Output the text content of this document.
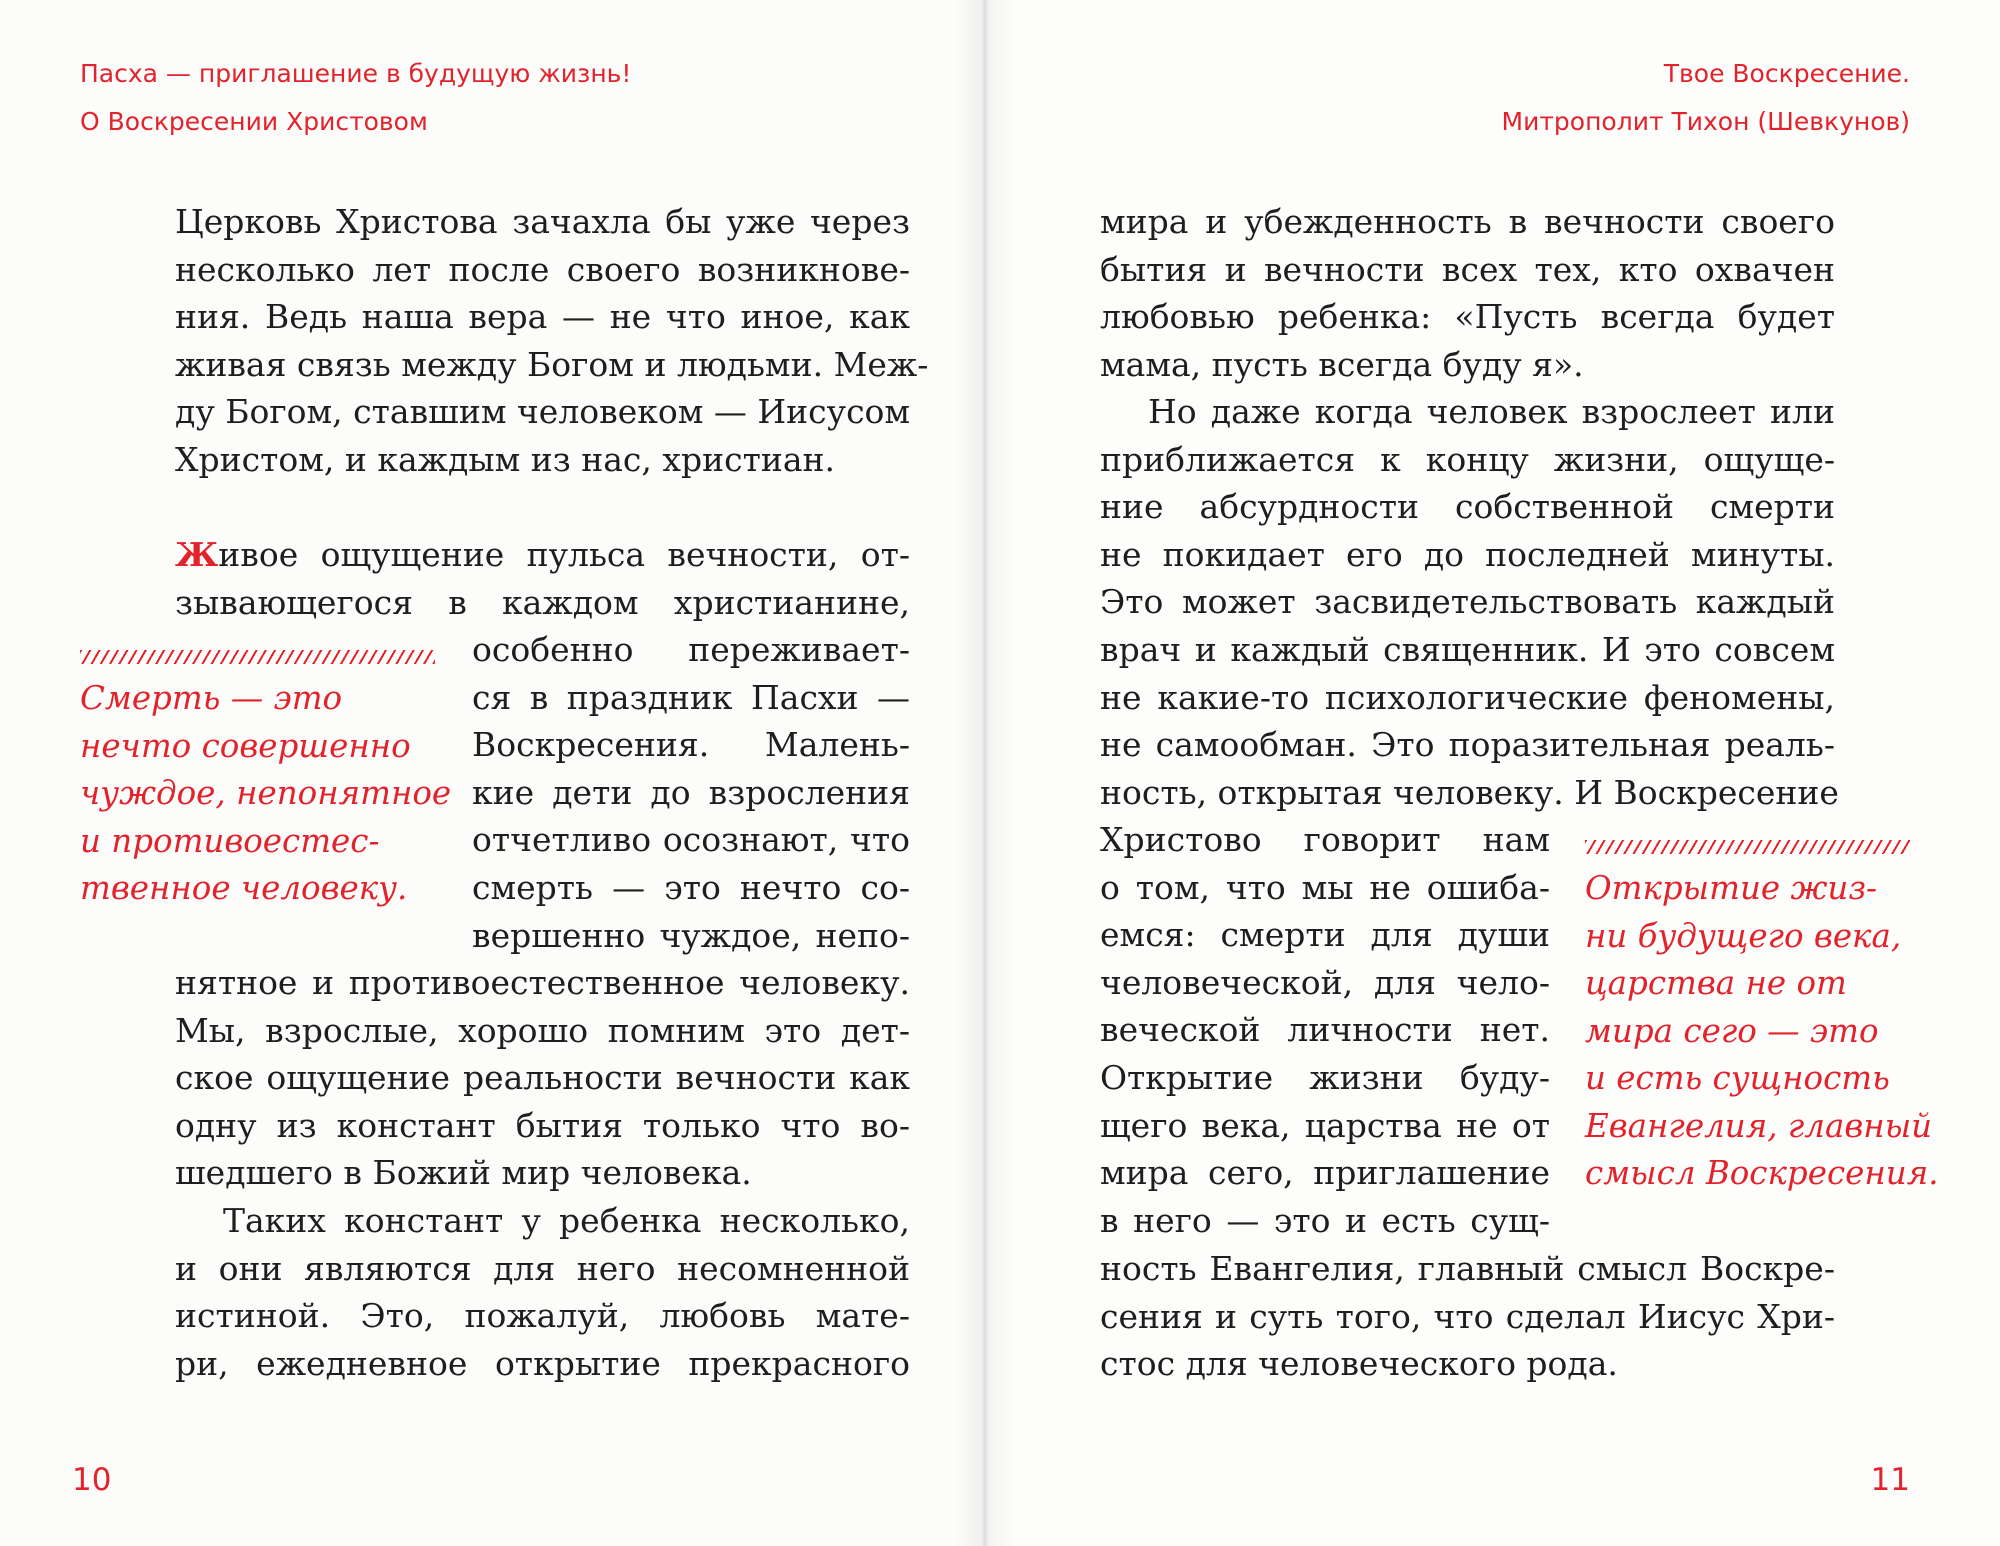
Пасха — приглашение в будущую жизнь!
О Воскресении Христовом
Церковь Христова зачахла бы уже через
несколько лет после своего возникнове-
ния. Ведь наша вера — не что иное, как
живая связь между Богом и людьми. Меж-
ду Богом, ставшим человеком — Иисусом
Христом, и каждым из нас, христиан.
Живое ощущение пульса вечности, от-
зывающегося в каждом христианине,
особенно переживает-
ся в праздник Пасхи —
Воскресения. Малень-
кие дети до взросления
отчетливо осознают, что
смерть — это нечто со-
вершенно чуждое, непо-
нятное и противоестественное человеку.
Мы, взрослые, хорошо помним это дет-
ское ощущение реальности вечности как
одну из констант бытия только что во-
шедшего в Божий мир человека.
Таких констант у ребенка несколько,
и они являются для него несомненной
истиной. Это, пожалуй, любовь мате-
ри, ежедневное открытие прекрасного
Смерть — это
нечто совершенно
чуждое, непонятное
и противоестес-
твенное человеку.
10
Твое Воскресение.
Митрополит Тихон (Шевкунов)
мира и убежденность в вечности своего
бытия и вечности всех тех, кто охвачен
любовью ребенка: «Пусть всегда будет
мама, пусть всегда буду я».
Но даже когда человек взрослеет или
приближается к концу жизни, ощуще-
ние абсурдности собственной смерти
не покидает его до последней минуты.
Это может засвидетельствовать каждый
врач и каждый священник. И это совсем
не какие-то психологические феномены,
не самообман. Это поразительная реаль-
ность, открытая человеку. И Воскресение
Христово говорит нам
о том, что мы не ошиба-
емся: смерти для души
человеческой, для чело-
веческой личности нет.
Открытие жизни буду-
щего века, царства не от
мира сего, приглашение
в него — это и есть сущ-
ность Евангелия, главный смысл Воскре-
сения и суть того, что сделал Иисус Хри-
стос для человеческого рода.
Открытие жиз-
ни будущего века,
царства не от
мира сего — это
и есть сущность
Евангелия, главный
смысл Воскресения.
11
